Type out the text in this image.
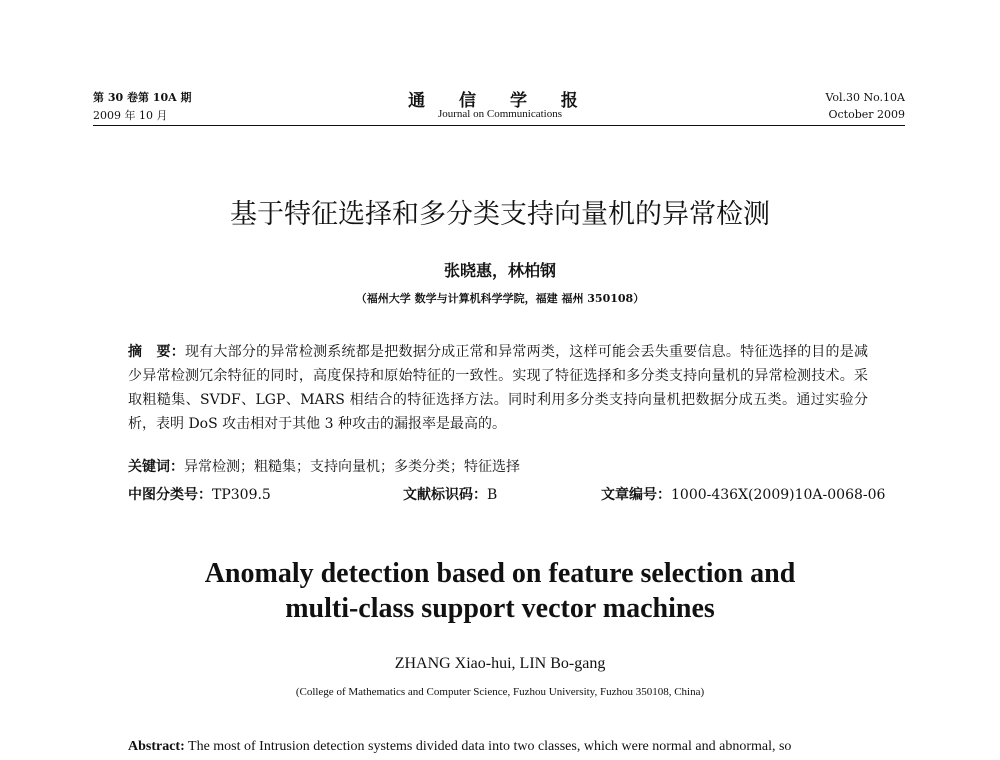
第 30 卷第 10A 期
2009 年 10 月
通 信 学 报
Journal on Communications
Vol.30 No.10A
October 2009
基于特征选择和多分类支持向量机的异常检测
张晓惠，林柏钢
（福州大学 数学与计算机科学学院，福建 福州 350108）
摘　要：现有大部分的异常检测系统都是把数据分成正常和异常两类，这样可能会丢失重要信息。特征选择的目的是减少异常检测冗余特征的同时，高度保持和原始特征的一致性。实现了特征选择和多分类支持向量机的异常检测技术。采取粗糙集、SVDF、LGP、MARS 相结合的特征选择方法。同时利用多分类支持向量机把数据分成五类。通过实验分析，表明 DoS 攻击相对于其他 3 种攻击的漏报率是最高的。
关键词：异常检测；粗糙集；支持向量机；多类分类；特征选择
中图分类号：TP309.5	文献标识码：B	文章编号：1000-436X(2009)10A-0068-06
Anomaly detection based on feature selection and
multi-class support vector machines
ZHANG Xiao-hui, LIN Bo-gang
(College of Mathematics and Computer Science, Fuzhou University, Fuzhou 350108, China)
Abstract: The most of Intrusion detection systems divided data into two classes, which were normal and abnormal, so
